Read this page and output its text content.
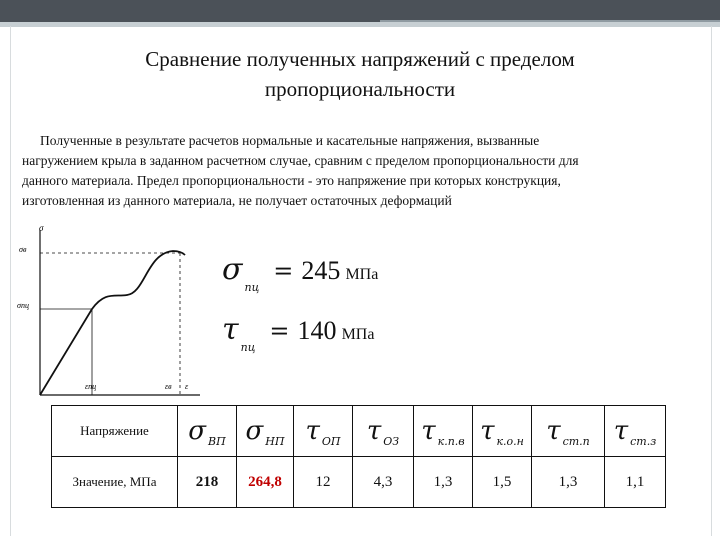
Сравнение полученных напряжений с пределом
пропорциональности
Полученные в результате расчетов нормальные и касательные напряжения, вызванные
нагружением крыла в заданном расчетном случае, сравним с пределом пропорциональности для
данного материала. Предел пропорциональности - это напряжение при которых конструкция,
изготовленная из данного материала, не получает остаточных деформаций
σ
σв
σпц
εпц	εв ε
$\sigma_{пц}= 245$ МПа
$\tau_{пц}= 140$ МПа
Напряжение	σ $_{ВП}$	σ $_{НП}$	τ $_{ОП}$	τ $_{ОЗ}$	τ $_{к.п.в}$	τ $_{к.о.н}$	τ $_{ст.п}$	τ $_{ст.з}$
Значение, МПа	218	264,8	12	4,3	1,3	1,5	1,3	1,1
